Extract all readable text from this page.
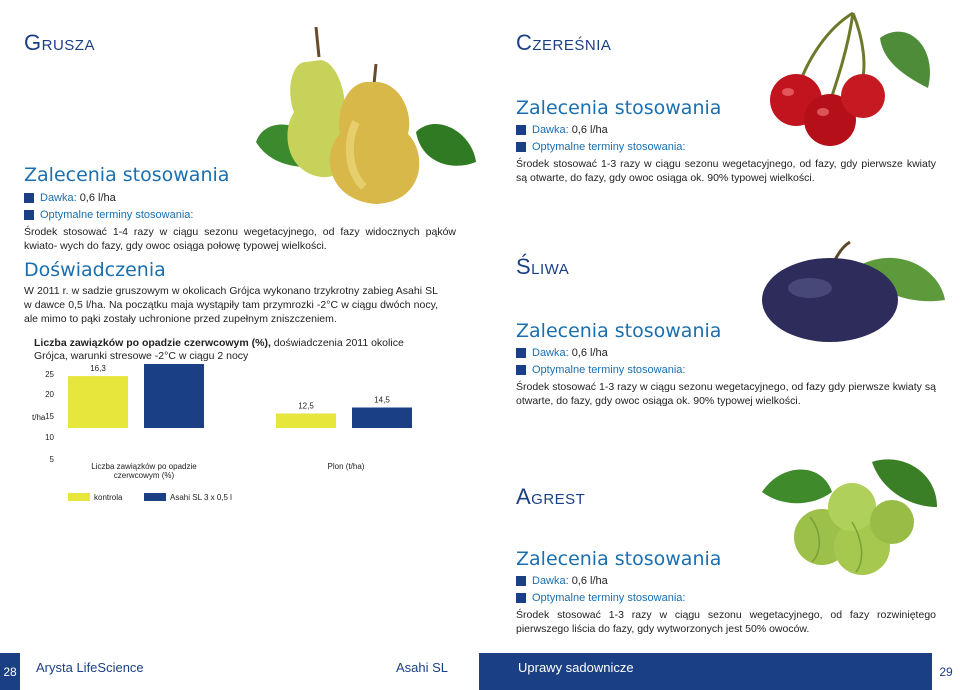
Grusza
Zalecenia stosowania
Dawka: 0,6 l/ha
Optymalne terminy stosowania:
Środek stosować 1-4 razy w ciągu sezonu wegetacyjnego, od fazy widocznych pąków kwiato- wych do fazy, gdy owoc osiąga połowę typowej wielkości.
Doświadczenia
W 2011 r. w sadzie gruszowym w okolicach Grójca wykonano trzykrotny zabieg Asahi SL w dawce 0,5 l/ha. Na początku maja wystąpiły tam przymrozki -2°C w ciągu dwóch nocy, ale mimo to pąki zostały uchronione przed zupełnym zniszczeniem.
Liczba zawiązków po opadzie czerwcowym (%), doświadczenia 2011 okolice Grójca, warunki stresowe -2°C w ciągu 2 nocy
25
20
15
10
5
t/ha
16,3
12,5
14,5
Liczba zawiązków po opadzie
czerwcowym (%)
Plon (t/ha)
kontrola	Asahi SL 3 x 0,5 l
Czereśnia
Zalecenia stosowania
Dawka: 0,6 l/ha
Optymalne terminy stosowania:
Środek stosować 1-3 razy w ciągu sezonu wegetacyjnego, od fazy, gdy pierwsze kwiaty są otwarte, do fazy, gdy owoc osiąga ok. 90% typowej wielkości.
Śliwa
Zalecenia stosowania
Dawka: 0,6 l/ha
Optymalne terminy stosowania:
Środek stosować 1-3 razy w ciągu sezonu wegetacyjnego, od fazy gdy pierwsze kwiaty są otwarte, do fazy, gdy owoc osiąga ok. 90% typowej wielkości.
Agrest
Zalecenia stosowania
Dawka: 0,6 l/ha
Optymalne terminy stosowania:
Środek stosować 1-3 razy w ciągu sezonu wegetacyjnego, od fazy rozwiniętego pierwszego liścia do fazy, gdy wytworzonych jest 50% owoców.
28 Arysta LifeScience	Asahi SL	Uprawy sadownicze	29
